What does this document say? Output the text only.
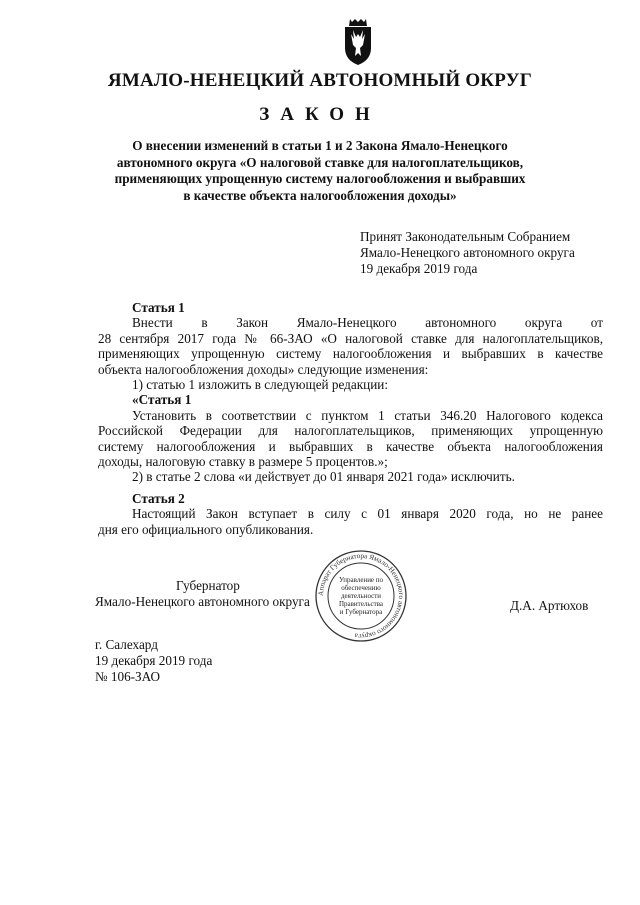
ЯМАЛО-НЕНЕЦКИЙ АВТОНОМНЫЙ ОКРУГ
ЗАКОН
О внесении изменений в статьи 1 и 2 Закона Ямало-Ненецкого
автономного округа «О налоговой ставке для налогоплательщиков,
применяющих упрощенную систему налогообложения и выбравших
в качестве объекта налогообложения доходы»
Принят Законодательным Собранием
Ямало-Ненецкого автономного округа
19 декабря 2019 года
Статья 1
Внести в Закон Ямало-Ненецкого автономного округа от
28 сентября 2017 года № 66-ЗАО «О налоговой ставке для налогоплательщиков,
применяющих упрощенную систему налогообложения и выбравших в качестве
объекта налогообложения доходы» следующие изменения:
1) статью 1 изложить в следующей редакции:
«Статья 1
Установить в соответствии с пунктом 1 статьи 346.20 Налогового кодекса
Российской Федерации для налогоплательщиков, применяющих упрощенную
систему налогообложения и выбравших в качестве объекта налогообложения
доходы, налоговую ставку в размере 5 процентов.»;
2) в статье 2 слова «и действует до 01 января 2021 года» исключить.
Статья 2
Настоящий Закон вступает в силу с 01 января 2020 года, но не ранее
дня его официального опубликования.
Губернатор
Ямало-Ненецкого автономного округа	Д.А. Артюхов
Аппарат Губернатора Ямало-Ненецкого автономного округа
Управление по
обеспечению
деятельности
Правительства
и Губернатора
г. Салехард
19 декабря 2019 года
№ 106-ЗАО
